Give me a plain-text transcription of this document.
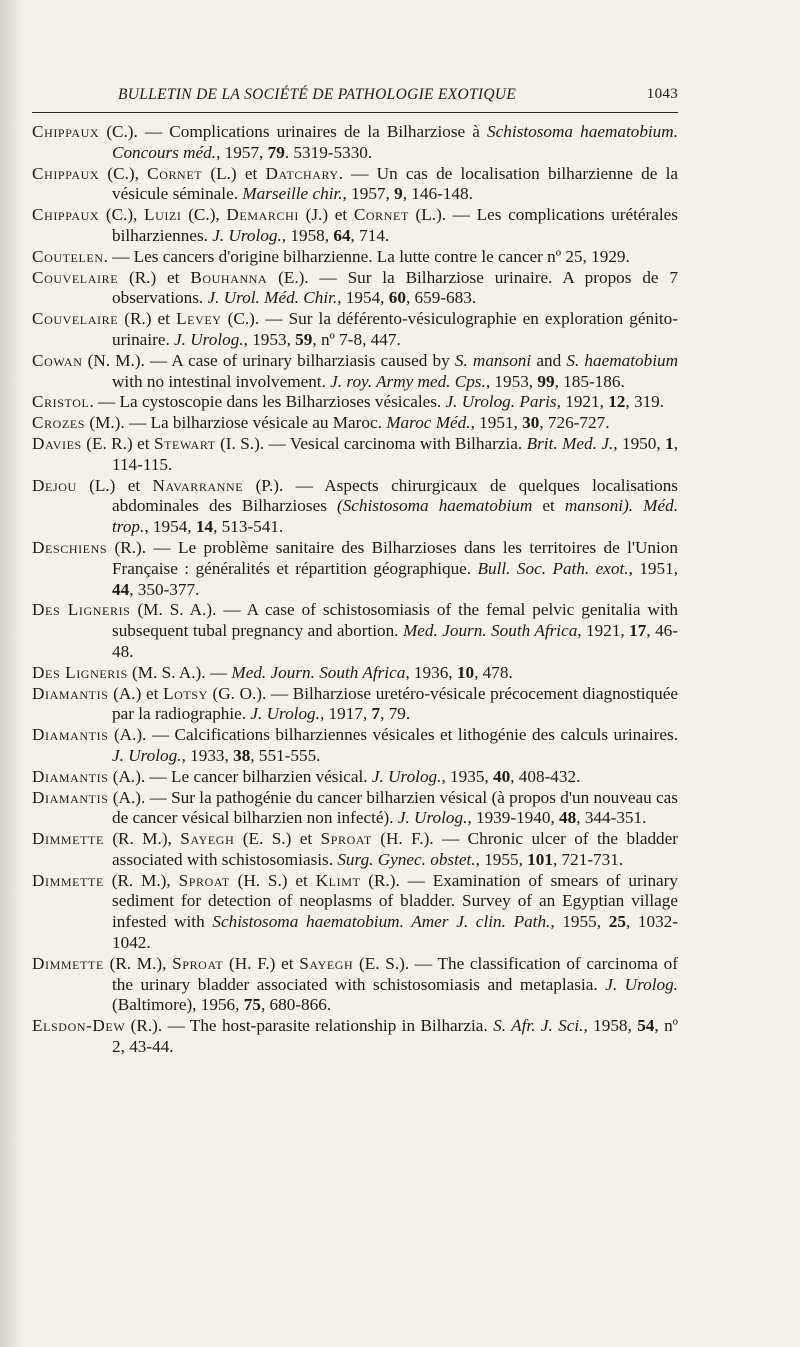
BULLETIN DE LA SOCIÉTÉ DE PATHOLOGIE EXOTIQUE	1043

Chippaux (C.). — Complications urinaires de la Bilharziose à Schistosoma haematobium. Concours méd., 1957, 79. 5319-5330.

Chippaux (C.), Cornet (L.) et Datchary. — Un cas de localisation bilharzienne de la vésicule séminale. Marseille chir., 1957, 9, 146-148.

Chippaux (C.), Luizi (C.), Demarchi (J.) et Cornet (L.). — Les complications urétérales bilharziennes. J. Urolog., 1958, 64, 714.

Coutelen. — Les cancers d'origine bilharzienne. La lutte contre le cancer nº 25, 1929.

Couvelaire (R.) et Bouhanna (E.). — Sur la Bilharziose urinaire. A propos de 7 observations. J. Urol. Méd. Chir., 1954, 60, 659-683.

Couvelaire (R.) et Levey (C.). — Sur la déférento-vésiculographie en exploration génito-urinaire. J. Urolog., 1953, 59, nº 7-8, 447.

Cowan (N. M.). — A case of urinary bilharziasis caused by S. mansoni and S. haematobium with no intestinal involvement. J. roy. Army med. Cps., 1953, 99, 185-186.

Cristol. — La cystoscopie dans les Bilharzioses vésicales. J. Urolog. Paris, 1921, 12, 319.

Crozes (M.). — La bilharziose vésicale au Maroc. Maroc Méd., 1951, 30, 726-727.

Davies (E. R.) et Stewart (I. S.). — Vesical carcinoma with Bilharzia. Brit. Med. J., 1950, 1, 114-115.

Dejou (L.) et Navarranne (P.). — Aspects chirurgicaux de quelques localisations abdominales des Bilharzioses (Schistosoma haematobium et mansoni). Méd. trop., 1954, 14, 513-541.

Deschiens (R.). — Le problème sanitaire des Bilharzioses dans les territoires de l'Union Française : généralités et répartition géographique. Bull. Soc. Path. exot., 1951, 44, 350-377.

Des Ligneris (M. S. A.). — A case of schistosomiasis of the femal pelvic genitalia with subsequent tubal pregnancy and abortion. Med. Journ. South Africa, 1921, 17, 46-48.

Des Ligneris (M. S. A.). — Med. Journ. South Africa, 1936, 10, 478.

Diamantis (A.) et Lotsy (G. O.). — Bilharziose uretéro-vésicale précocement diagnostiquée par la radiographie. J. Urolog., 1917, 7, 79.

Diamantis (A.). — Calcifications bilharziennes vésicales et lithogénie des calculs urinaires. J. Urolog., 1933, 38, 551-555.

Diamantis (A.). — Le cancer bilharzien vésical. J. Urolog., 1935, 40, 408-432.

Diamantis (A.). — Sur la pathogénie du cancer bilharzien vésical (à propos d'un nouveau cas de cancer vésical bilharzien non infecté). J. Urolog., 1939-1940, 48, 344-351.

Dimmette (R. M.), Sayegh (E. S.) et Sproat (H. F.). — Chronic ulcer of the bladder associated with schistosomiasis. Surg. Gynec. obstet., 1955, 101, 721-731.

Dimmette (R. M.), Sproat (H. S.) et Klimt (R.). — Examination of smears of urinary sediment for detection of neoplasms of bladder. Survey of an Egyptian village infested with Schistosoma haematobium. Amer J. clin. Path., 1955, 25, 1032-1042.

Dimmette (R. M.), Sproat (H. F.) et Sayegh (E. S.). — The classification of carcinoma of the urinary bladder associated with schistosomiasis and metaplasia. J. Urolog. (Baltimore), 1956, 75, 680-866.

Elsdon-Dew (R.). — The host-parasite relationship in Bilharzia. S. Afr. J. Sci., 1958, 54, nº 2, 43-44.
